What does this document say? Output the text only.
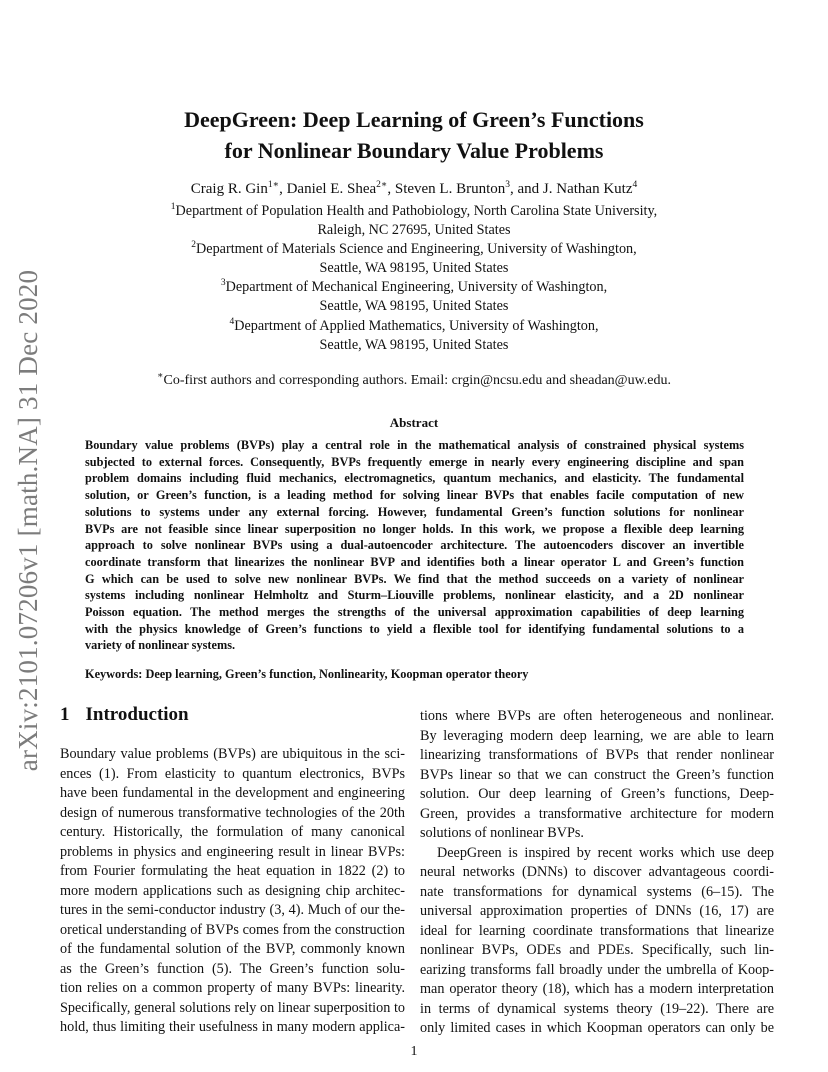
arXiv:2101.07206v1 [math.NA] 31 Dec 2020
DeepGreen: Deep Learning of Green’s Functions
for Nonlinear Boundary Value Problems
Craig R. Gin$^{1∗}$, Daniel E. Shea$^{2∗}$, Steven L. Brunton$^3$, and J. Nathan Kutz$^4$
$^1$Department of Population Health and Pathobiology, North Carolina State University,
Raleigh, NC 27695, United States
$^2$Department of Materials Science and Engineering, University of Washington,
Seattle, WA 98195, United States
$^3$Department of Mechanical Engineering, University of Washington,
Seattle, WA 98195, United States
$^4$Department of Applied Mathematics, University of Washington,
Seattle, WA 98195, United States
∗Co-first authors and corresponding authors. Email: crgin@ncsu.edu and sheadan@uw.edu.
Abstract
Boundary value problems (BVPs) play a central role in the mathematical analysis of constrained physical systems
subjected to external forces. Consequently, BVPs frequently emerge in nearly every engineering discipline and span
problem domains including fluid mechanics, electromagnetics, quantum mechanics, and elasticity. The fundamental
solution, or Green’s function, is a leading method for solving linear BVPs that enables facile computation of new
solutions to systems under any external forcing. However, fundamental Green’s function solutions for nonlinear
BVPs are not feasible since linear superposition no longer holds. In this work, we propose a flexible deep learning
approach to solve nonlinear BVPs using a dual-autoencoder architecture. The autoencoders discover an invertible
coordinate transform that linearizes the nonlinear BVP and identifies both a linear operator L and Green’s function
G which can be used to solve new nonlinear BVPs. We find that the method succeeds on a variety of nonlinear
systems including nonlinear Helmholtz and Sturm–Liouville problems, nonlinear elasticity, and a 2D nonlinear
Poisson equation. The method merges the strengths of the universal approximation capabilities of deep learning
with the physics knowledge of Green’s functions to yield a flexible tool for identifying fundamental solutions to a
variety of nonlinear systems.
Keywords: Deep learning, Green’s function, Nonlinearity, Koopman operator theory
1 Introduction
Boundary value problems (BVPs) are ubiquitous in the sci-
ences (1). From elasticity to quantum electronics, BVPs
have been fundamental in the development and engineering
design of numerous transformative technologies of the 20th
century. Historically, the formulation of many canonical
problems in physics and engineering result in linear BVPs:
from Fourier formulating the heat equation in 1822 (2) to
more modern applications such as designing chip architec-
tures in the semi-conductor industry (3, 4). Much of our the-
oretical understanding of BVPs comes from the construction
of the fundamental solution of the BVP, commonly known
as the Green’s function (5). The Green’s function solu-
tion relies on a common property of many BVPs: linearity.
Specifically, general solutions rely on linear superposition to
hold, thus limiting their usefulness in many modern applica-
tions where BVPs are often heterogeneous and nonlinear.
By leveraging modern deep learning, we are able to learn
linearizing transformations of BVPs that render nonlinear
BVPs linear so that we can construct the Green’s function
solution. Our deep learning of Green’s functions, Deep-
Green, provides a transformative architecture for modern
solutions of nonlinear BVPs.
DeepGreen is inspired by recent works which use deep
neural networks (DNNs) to discover advantageous coordi-
nate transformations for dynamical systems (6–15). The
universal approximation properties of DNNs (16, 17) are
ideal for learning coordinate transformations that linearize
nonlinear BVPs, ODEs and PDEs. Specifically, such lin-
earizing transforms fall broadly under the umbrella of Koop-
man operator theory (18), which has a modern interpretation
in terms of dynamical systems theory (19–22). There are
only limited cases in which Koopman operators can only be
1
